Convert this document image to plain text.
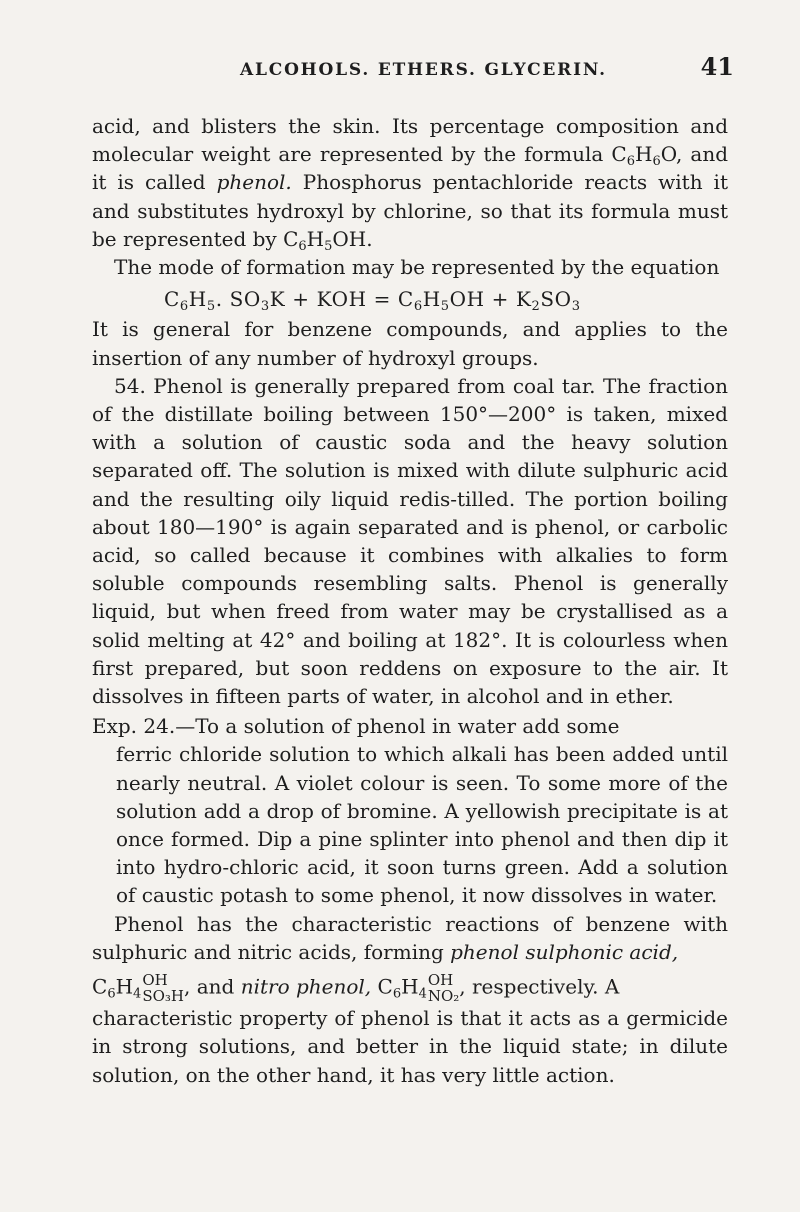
ALCOHOLS. ETHERS. GLYCERIN.	41

acid, and blisters the skin. Its percentage composition and molecular weight are represented by the formula $C_6H_6O$, and it is called phenol. Phosphorus pentachloride reacts with it and substitutes hydroxyl by chlorine, so that its formula must be represented by $C_6H_5OH$.

The mode of formation may be represented by the equation

$C_6H_5$. $SO_3K$ + KOH = $C_6H_5OH + K_2SO_3$

It is general for benzene compounds, and applies to the insertion of any number of hydroxyl groups.

54. Phenol is generally prepared from coal tar. The fraction of the distillate boiling between 150°—200° is taken, mixed with a solution of caustic soda and the heavy solution separated off. The solution is mixed with dilute sulphuric acid and the resulting oily liquid redis-tilled. The portion boiling about 180—190° is again separated and is phenol, or carbolic acid, so called because it combines with alkalies to form soluble compounds resembling salts. Phenol is generally liquid, but when freed from water may be crystallised as a solid melting at 42° and boiling at 182°. It is colourless when first prepared, but soon reddens on exposure to the air. It dissolves in fifteen parts of water, in alcohol and in ether.

Exp. 24.—To a solution of phenol in water add some
ferric chloride solution to which alkali has been added until nearly neutral. A violet colour is seen. To some more of the solution add a drop of bromine. A yellowish precipitate is at once formed. Dip a pine splinter into phenol and then dip it into hydro-chloric acid, it soon turns green. Add a solution of caustic potash to some phenol, it now dissolves in water.

Phenol has the characteristic reactions of benzene with sulphuric and nitric acids, forming phenol sulphonic acid,

$C_6H_4$
OH
SO₃H , and nitro phenol, $C_6H_4$
OH
NO₂ , respectively. A

characteristic property of phenol is that it acts as a germicide in strong solutions, and better in the liquid state; in dilute solution, on the other hand, it has very little action.
